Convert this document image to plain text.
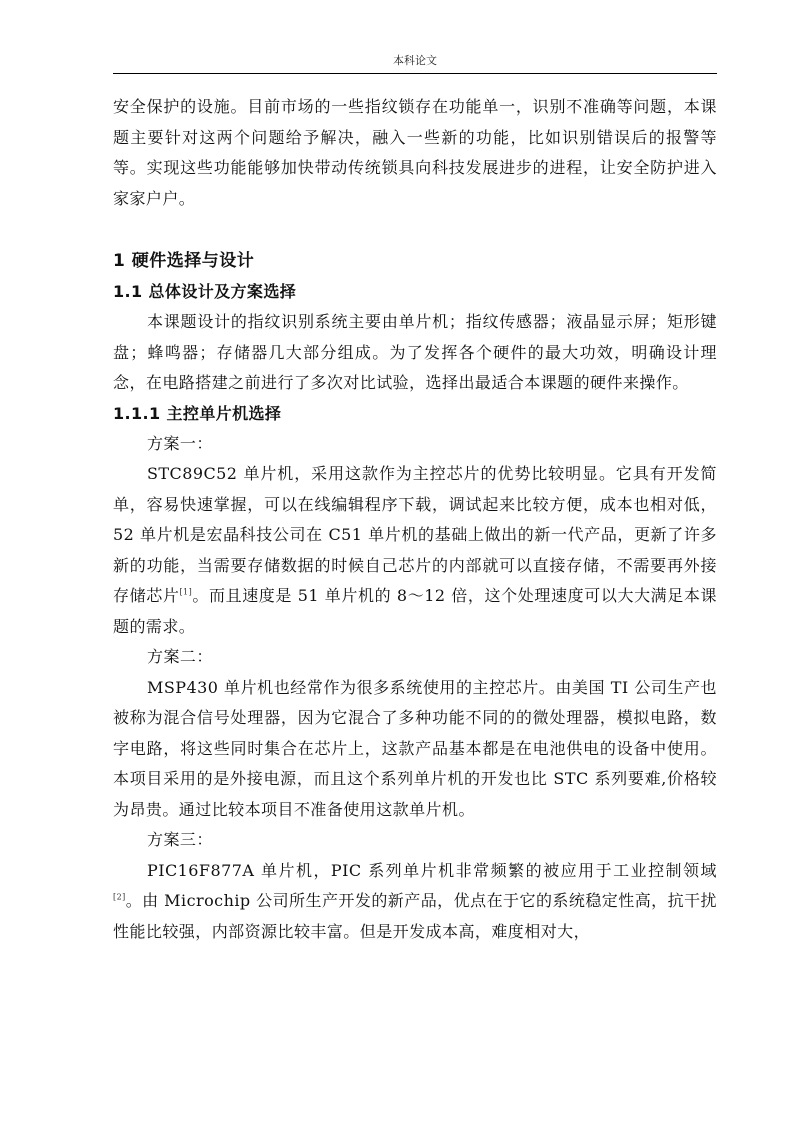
本科论文

安全保护的设施。目前市场的一些指纹锁存在功能单一，识别不准确等问题，本课题主要针对这两个问题给予解决，融入一些新的功能，比如识别错误后的报警等等。实现这些功能能够加快带动传统锁具向科技发展进步的进程，让安全防护进入家家户户。

1 硬件选择与设计
1.1 总体设计及方案选择

本课题设计的指纹识别系统主要由单片机；指纹传感器；液晶显示屏；矩形键盘；蜂鸣器；存储器几大部分组成。为了发挥各个硬件的最大功效，明确设计理念，在电路搭建之前进行了多次对比试验，选择出最适合本课题的硬件来操作。

1.1.1 主控单片机选择

方案一：

STC89C52 单片机，采用这款作为主控芯片的优势比较明显。它具有开发简单，容易快速掌握，可以在线编辑程序下载，调试起来比较方便，成本也相对低，52 单片机是宏晶科技公司在 C51 单片机的基础上做出的新一代产品，更新了许多新的功能，当需要存储数据的时候自己芯片的内部就可以直接存储，不需要再外接存储芯片[1]。而且速度是 51 单片机的 8～12 倍，这个处理速度可以大大满足本课题的需求。

方案二：

MSP430 单片机也经常作为很多系统使用的主控芯片。由美国 TI 公司生产也被称为混合信号处理器，因为它混合了多种功能不同的的微处理器，模拟电路，数字电路，将这些同时集合在芯片上，这款产品基本都是在电池供电的设备中使用。本项目采用的是外接电源，而且这个系列单片机的开发也比 STC 系列要难,价格较为昂贵。通过比较本项目不准备使用这款单片机。

方案三：

PIC16F877A 单片机，PIC 系列单片机非常频繁的被应用于工业控制领域[2]。由 Microchip 公司所生产开发的新产品，优点在于它的系统稳定性高，抗干扰性能比较强，内部资源比较丰富。但是开发成本高，难度相对大，
